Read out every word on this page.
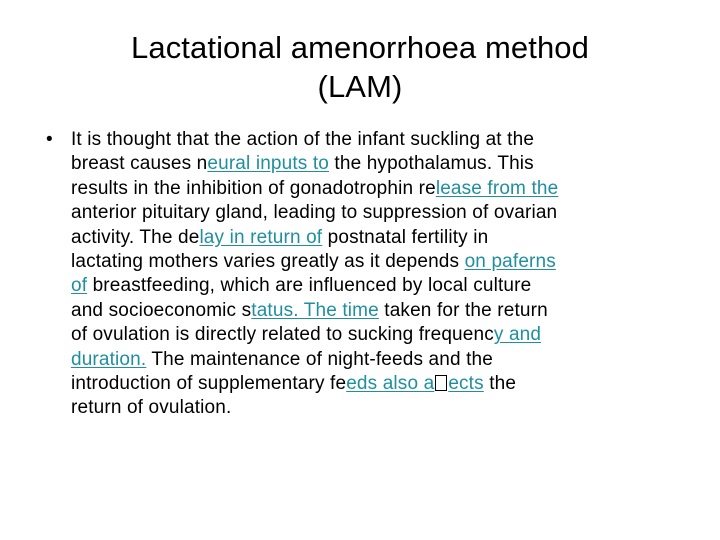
Lactational amenorrhoea method
(LAM)
• It is thought that the action of the infant suckling at the
breast causes neural inputs to the hypothalamus. This
results in the inhibition of gonadotrophin release from the
anterior pituitary gland, leading to suppression of ovarian
activity. The delay in return of postnatal fertility in
lactating mothers varies greatly as it depends on paferns
of breastfeeding, which are influenced by local culture
and socioeconomic status. The time taken for the return
of ovulation is directly related to sucking frequency and
duration. The maintenance of night-feeds and the
introduction of supplementary feeds also a ects the
return of ovulation.
